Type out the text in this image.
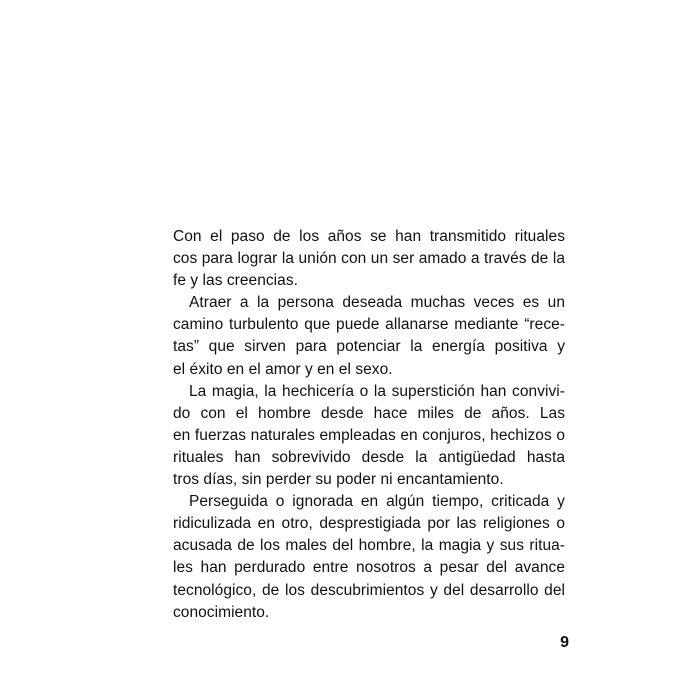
Con el paso de los años se han transmitido rituales
cos para lograr la unión con un ser amado a través de la
fe y las creencias.

Atraer a la persona deseada muchas veces es un
camino turbulento que puede allanarse mediante “rece-
tas” que sirven para potenciar la energía positiva y
el éxito en el amor y en el sexo.

La magia, la hechicería o la superstición han convivi-
do con el hombre desde hace miles de años. Las
en fuerzas naturales empleadas en conjuros, hechizos o
rituales han sobrevivido desde la antigüedad hasta
tros días, sin perder su poder ni encantamiento.

Perseguida o ignorada en algún tiempo, criticada y
ridiculizada en otro, desprestigiada por las religiones o
acusada de los males del hombre, la magia y sus ritua-
les han perdurado entre nosotros a pesar del avance
tecnológico, de los descubrimientos y del desarrollo del
conocimiento.

9
